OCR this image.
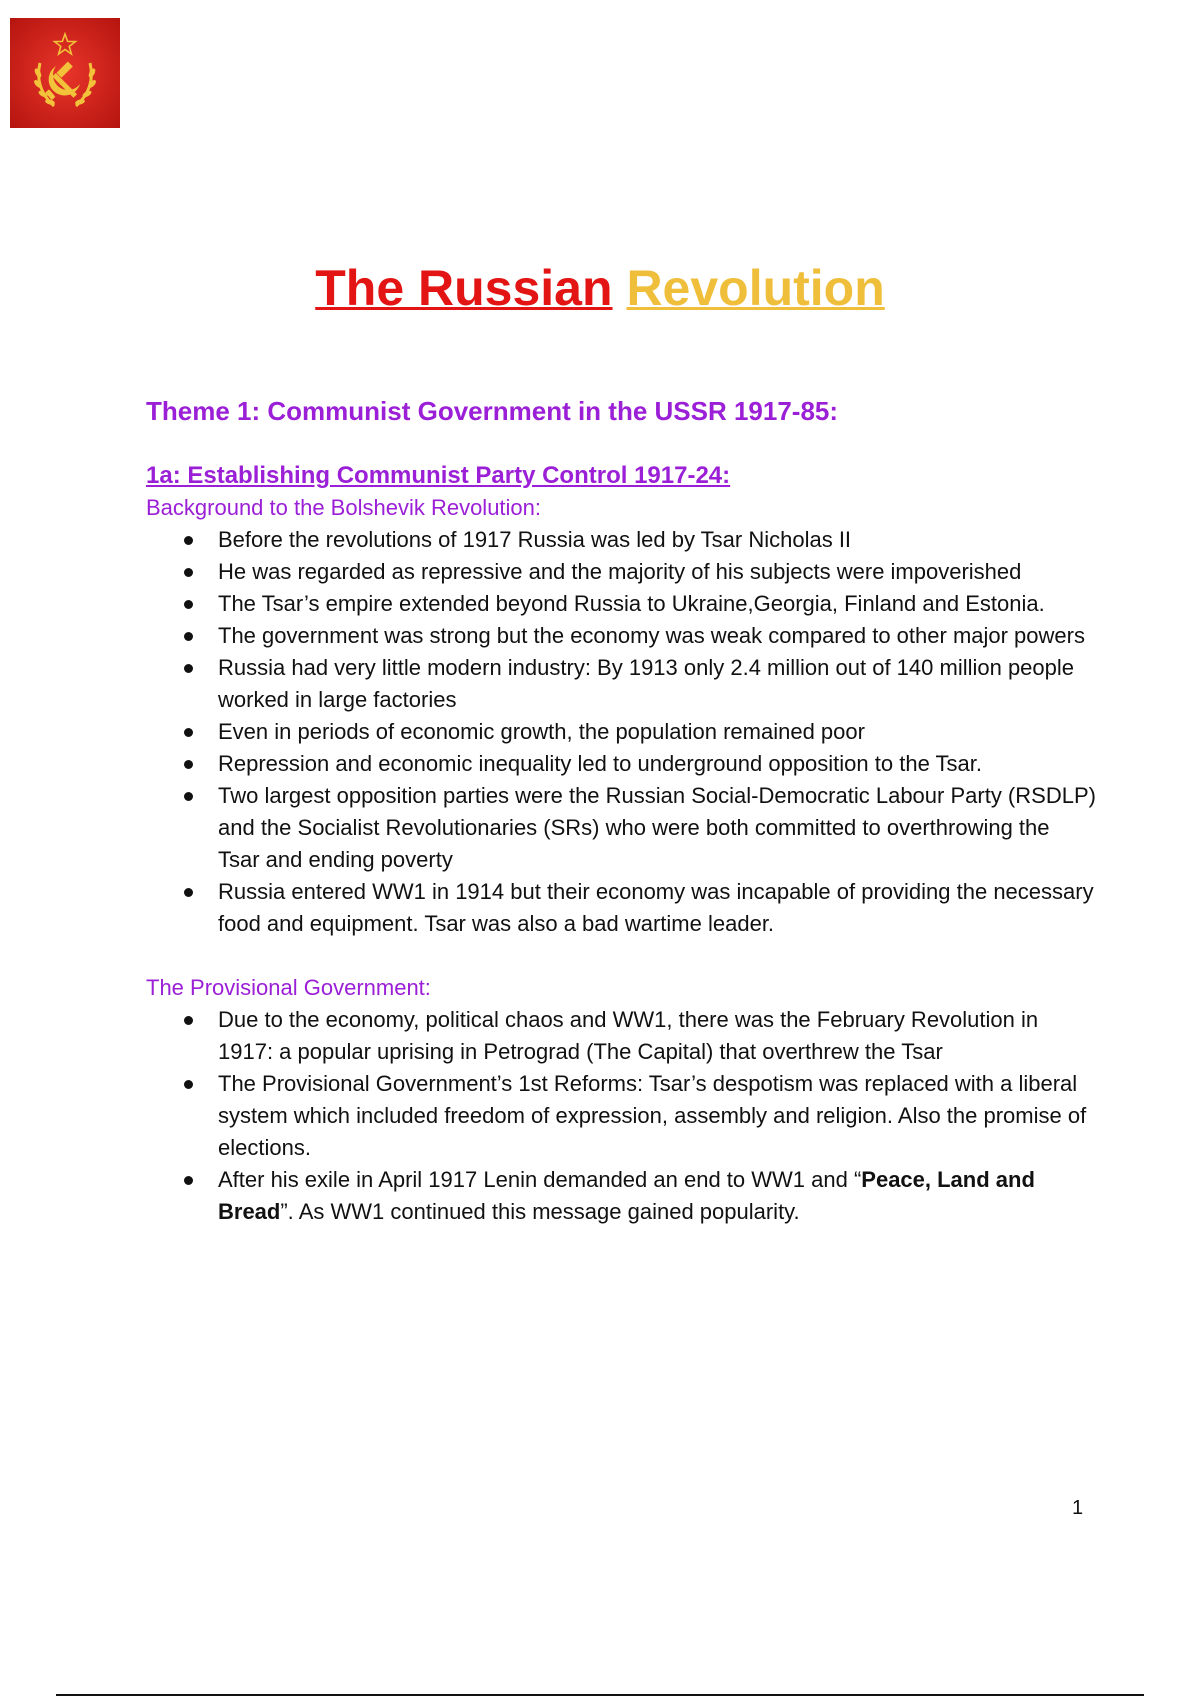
The Russian Revolution
Theme 1: Communist Government in the USSR 1917-85:
1a: Establishing Communist Party Control 1917-24:
Background to the Bolshevik Revolution:
Before the revolutions of 1917 Russia was led by Tsar Nicholas II
He was regarded as repressive and the majority of his subjects were impoverished
The Tsar’s empire extended beyond Russia to Ukraine,Georgia, Finland and Estonia.
The government was strong but the economy was weak compared to other major powers
Russia had very little modern industry: By 1913 only 2.4 million out of 140 million people worked in large factories
Even in periods of economic growth, the population remained poor
Repression and economic inequality led to underground opposition to the Tsar.
Two largest opposition parties were the Russian Social-Democratic Labour Party (RSDLP) and the Socialist Revolutionaries (SRs) who were both committed to overthrowing the Tsar and ending poverty
Russia entered WW1 in 1914 but their economy was incapable of providing the necessary food and equipment. Tsar was also a bad wartime leader.
The Provisional Government:
Due to the economy, political chaos and WW1, there was the February Revolution in 1917: a popular uprising in Petrograd (The Capital) that overthrew the Tsar
The Provisional Government’s 1st Reforms: Tsar’s despotism was replaced with a liberal system which included freedom of expression, assembly and religion. Also the promise of elections.
After his exile in April 1917 Lenin demanded an end to WW1 and “Peace, Land and Bread”. As WW1 continued this message gained popularity.
1
